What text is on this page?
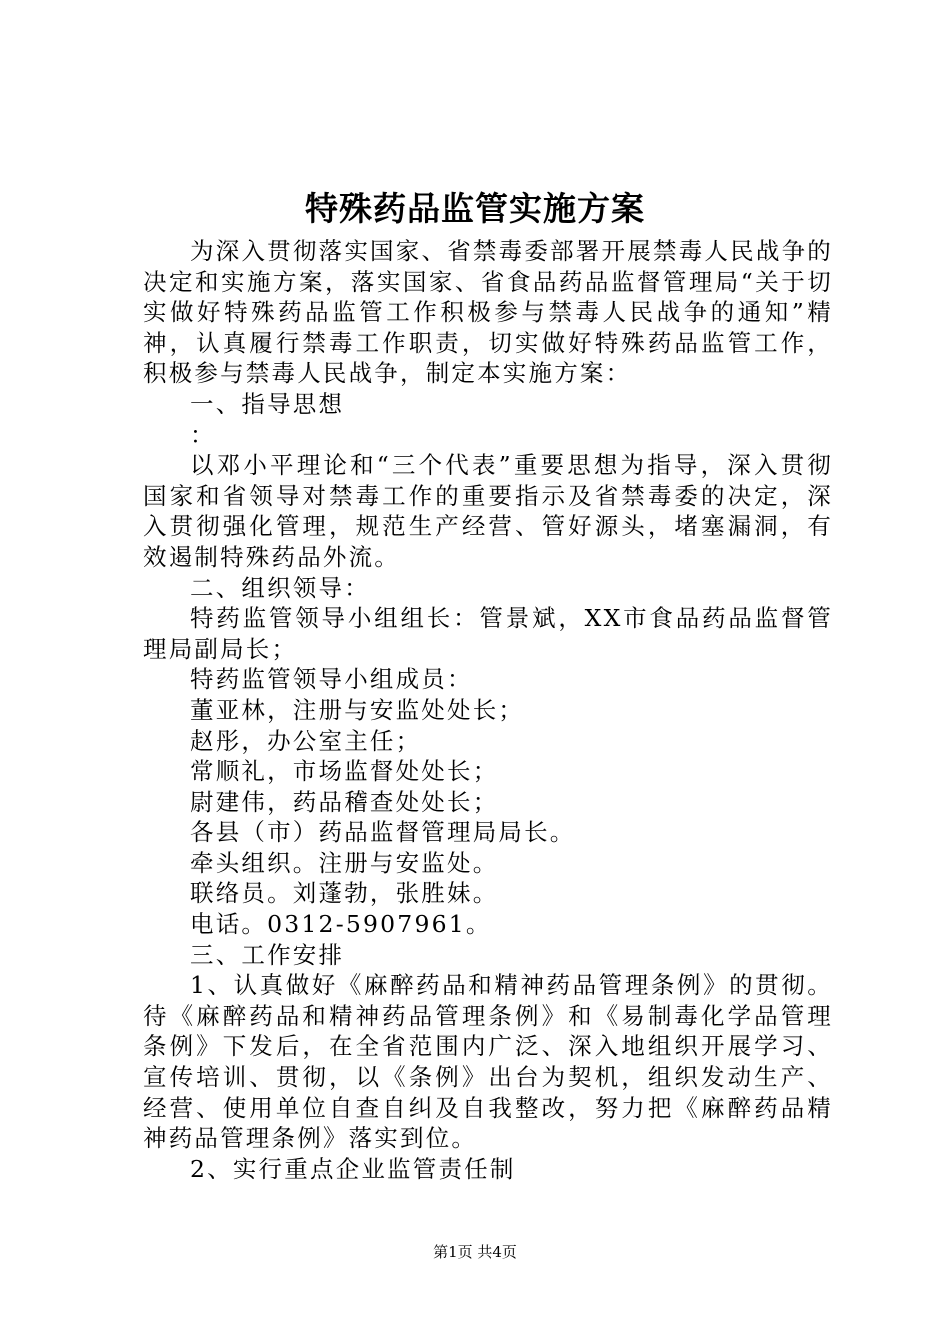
特殊药品监管实施方案

为深入贯彻落实国家、省禁毒委部署开展禁毒人民战争的决定和实施方案，落实国家、省食品药品监督管理局“关于切实做好特殊药品监管工作积极参与禁毒人民战争的通知”精神，认真履行禁毒工作职责，切实做好特殊药品监管工作，积极参与禁毒人民战争，制定本实施方案：

一、指导思想

：

以邓小平理论和“三个代表”重要思想为指导，深入贯彻国家和省领导对禁毒工作的重要指示及省禁毒委的决定，深入贯彻强化管理，规范生产经营、管好源头，堵塞漏洞，有效遏制特殊药品外流。

二、组织领导：

特药监管领导小组组长：管景斌，XX市食品药品监督管理局副局长；

特药监管领导小组成员：

董亚林，注册与安监处处长；

赵彤，办公室主任；

常顺礼，市场监督处处长；

尉建伟，药品稽查处处长；

各县（市）药品监督管理局局长。

牵头组织。注册与安监处。

联络员。刘蓬勃，张胜妹。

电话。0312-5907961。

三、工作安排

1、认真做好《麻醉药品和精神药品管理条例》的贯彻。待《麻醉药品和精神药品管理条例》和《易制毒化学品管理条例》下发后，在全省范围内广泛、深入地组织开展学习、宣传培训、贯彻，以《条例》出台为契机，组织发动生产、经营、使用单位自查自纠及自我整改，努力把《麻醉药品精神药品管理条例》落实到位。

2、实行重点企业监管责任制

第1页 共4页
